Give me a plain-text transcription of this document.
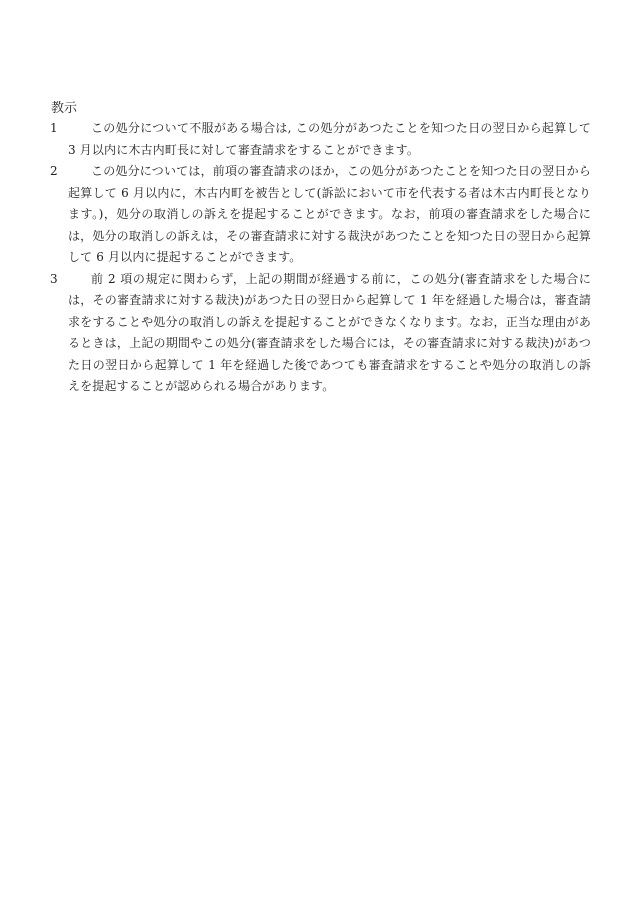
教示

1	この処分について不服がある場合は, この処分があつたことを知つた日の翌日から起算して 3 月以内に木古内町長に対して審査請求をすることができます。

2	この処分については，前項の審査請求のほか，この処分があつたことを知つた日の翌日から起算して 6 月以内に，木古内町を被告として(訴訟において市を代表する者は木古内町長となります。)，処分の取消しの訴えを提起することができます。なお，前項の審査請求をした場合には，処分の取消しの訴えは，その審査請求に対する裁決があつたことを知つた日の翌日から起算して 6 月以内に提起することができます。

3	前 2 項の規定に関わらず，上記の期間が経過する前に，この処分(審査請求をした場合には，その審査請求に対する裁決)があつた日の翌日から起算して 1 年を経過した場合は，審査請求をすることや処分の取消しの訴えを提起することができなくなります。なお，正当な理由があるときは，上記の期間やこの処分(審査請求をした場合には，その審査請求に対する裁決)があつた日の翌日から起算して 1 年を経過した後であつても審査請求をすることや処分の取消しの訴えを提起することが認められる場合があります。
